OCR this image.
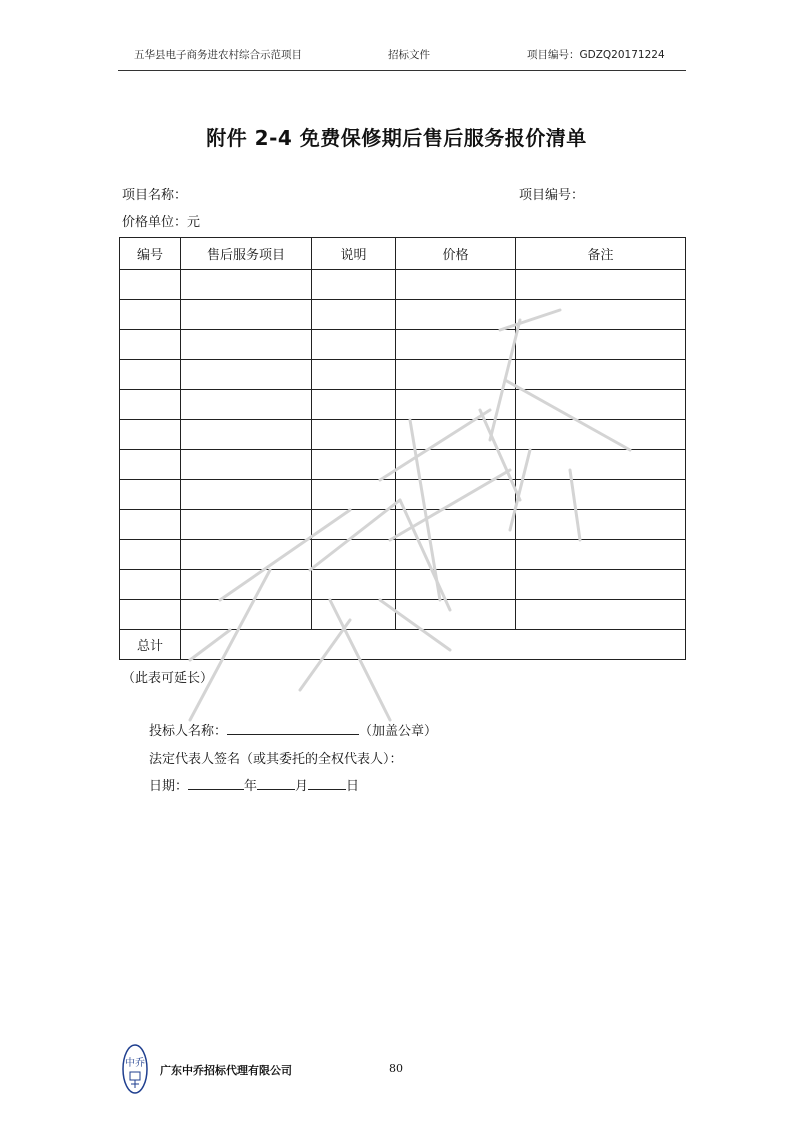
五华县电子商务进农村综合示范项目	招标文件	项目编号：GDZQ20171224
附件 2-4 免费保修期后售后服务报价清单
项目名称：	项目编号：
价格单位：元
编号	售后服务项目	说明	价格	备注

总计				
（此表可延长）
投标人名称：	（加盖公章）
法定代表人签名（或其委托的全权代表人）：
日期：	年	月	日
广东中乔
中乔
广东中乔招标代理有限公司	80
